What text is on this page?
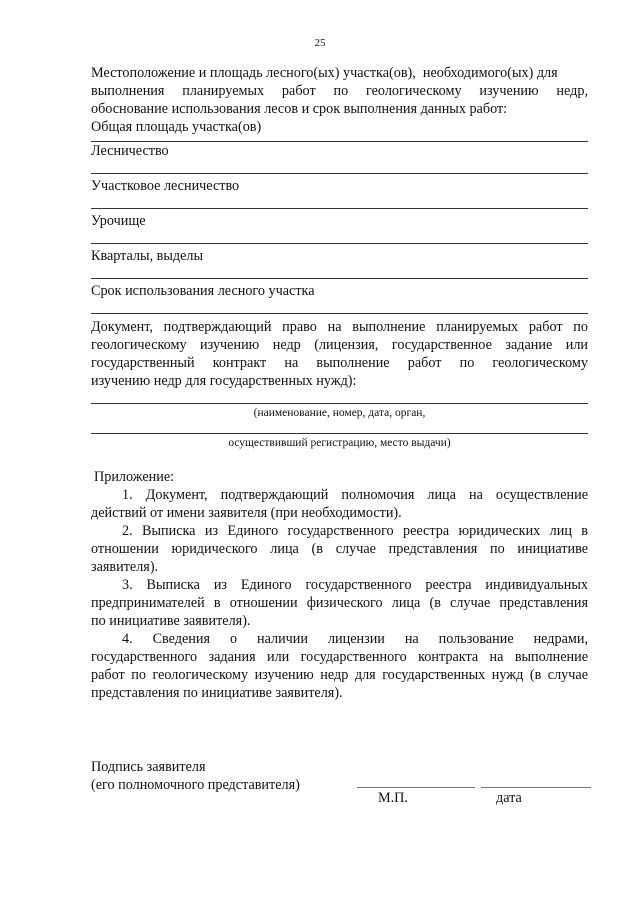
25
Местоположение и площадь лесного(ых) участка(ов),  необходимого(ых) для
выполнения планируемых работ по геологическому изучению недр,
обоснование использования лесов и срок выполнения данных работ:
Общая площадь участка(ов)
Лесничество
Участковое лесничество
Урочище
Кварталы, выделы
Срок использования лесного участка
Документ, подтверждающий право на выполнение планируемых работ по
геологическому изучению недр (лицензия, государственное задание или
государственный контракт на выполнение работ по геологическому
изучению недр для государственных нужд):
(наименование, номер, дата, орган,
осуществивший регистрацию, место выдачи)
Приложение:
1. Документ, подтверждающий полномочия лица на осуществление
действий от имени заявителя (при необходимости).
2. Выписка из Единого государственного реестра юридических лиц в
отношении юридического лица (в случае представления по инициативе
заявителя).
3. Выписка из Единого государственного реестра индивидуальных
предпринимателей в отношении физического лица (в случае представления
по инициативе заявителя).
4. Сведения о наличии лицензии на пользование недрами,
государственного задания или государственного контракта на выполнение
работ по геологическому изучению недр для государственных нужд (в случае
представления по инициативе заявителя).
Подпись заявителя
(его полномочного представителя)
М.П.	дата
